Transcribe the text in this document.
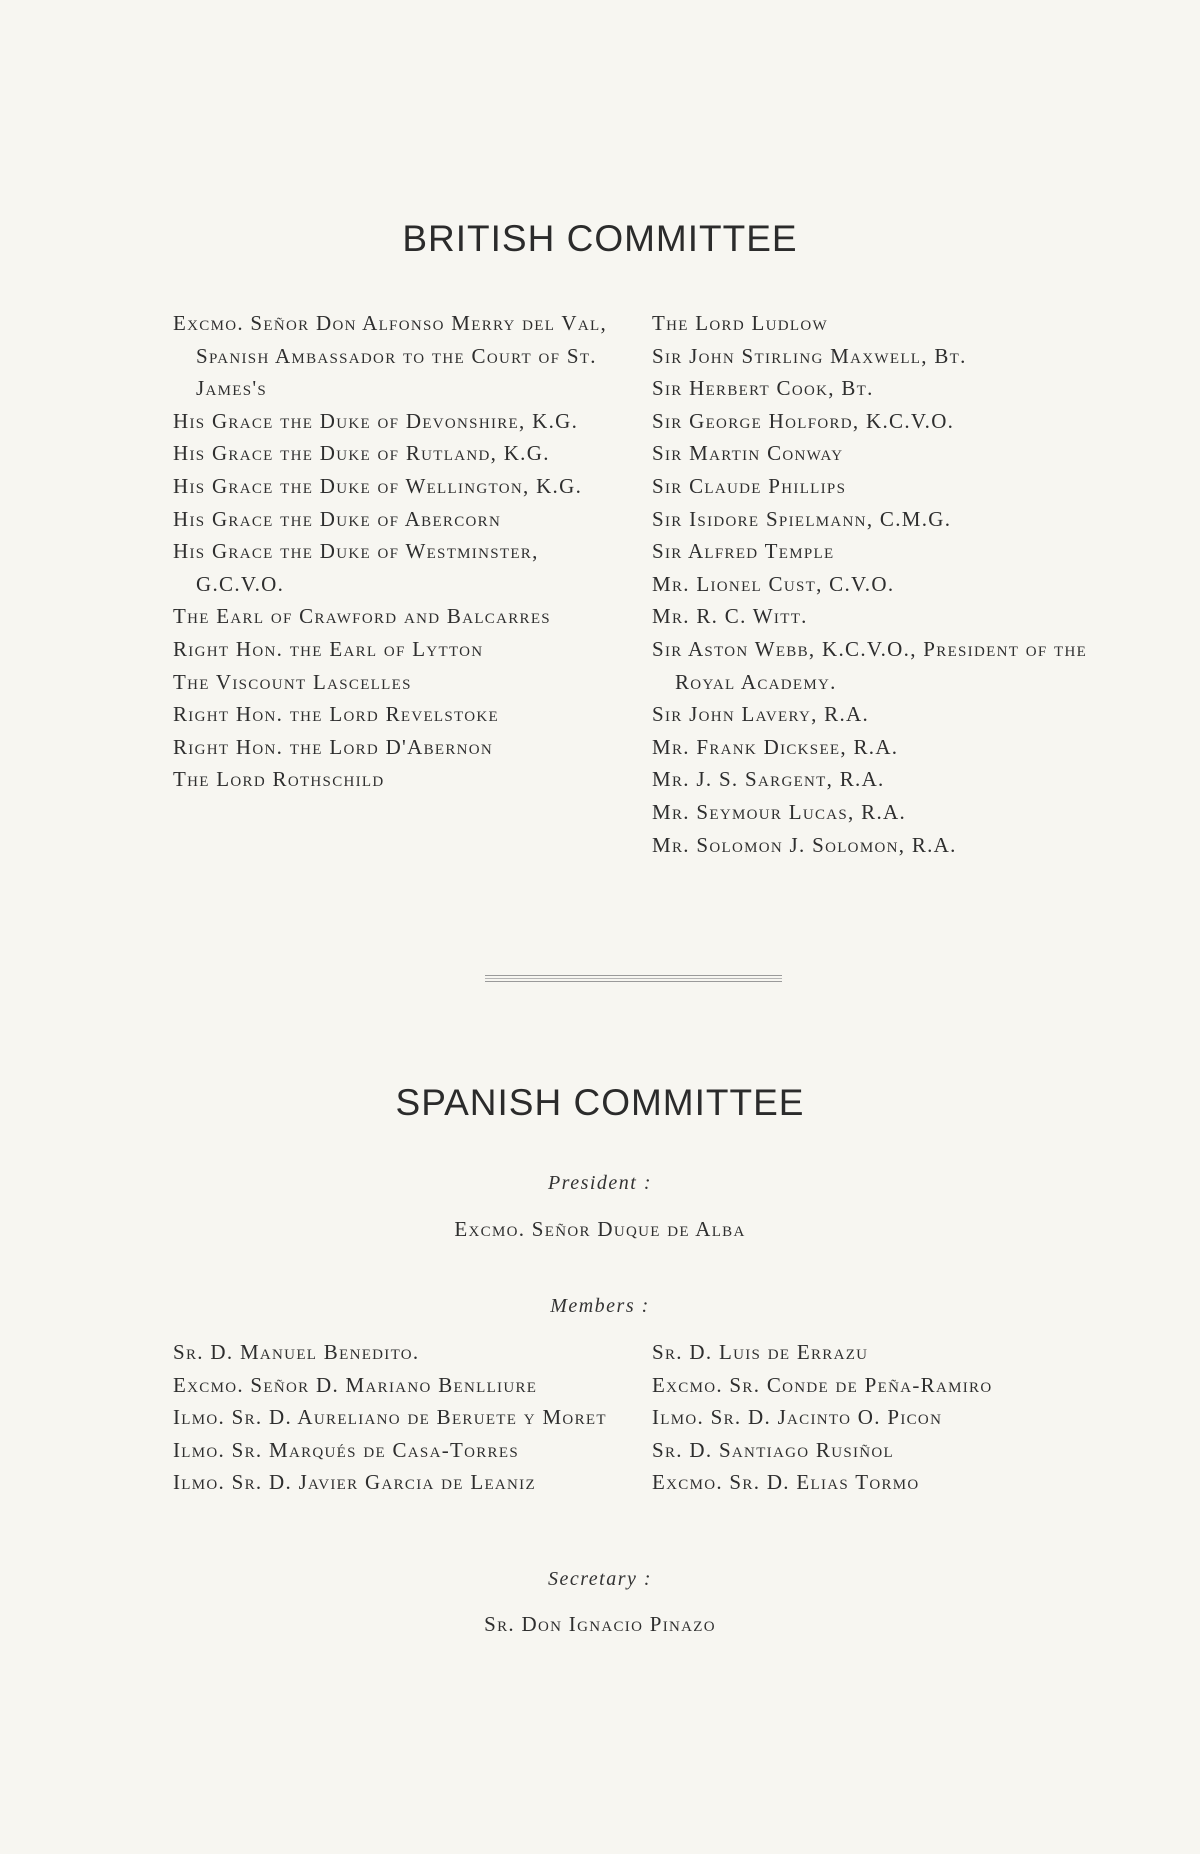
BRITISH COMMITTEE
Excmo. Señor Don Alfonso Merry del Val, Spanish Ambassador to the Court of St. James's
His Grace the Duke of Devonshire, K.G.
His Grace the Duke of Rutland, K.G.
His Grace the Duke of Wellington, K.G.
His Grace the Duke of Abercorn
His Grace the Duke of Westminster, G.C.V.O.
The Earl of Crawford and Balcarres
Right Hon. the Earl of Lytton
The Viscount Lascelles
Right Hon. the Lord Revelstoke
Right Hon. the Lord D'Abernon
The Lord Rothschild
The Lord Ludlow
Sir John Stirling Maxwell, Bt.
Sir Herbert Cook, Bt.
Sir George Holford, K.C.V.O.
Sir Martin Conway
Sir Claude Phillips
Sir Isidore Spielmann, C.M.G.
Sir Alfred Temple
Mr. Lionel Cust, C.V.O.
Mr. R. C. Witt.
Sir Aston Webb, K.C.V.O., President of the Royal Academy.
Sir John Lavery, R.A.
Mr. Frank Dicksee, R.A.
Mr. J. S. Sargent, R.A.
Mr. Seymour Lucas, R.A.
Mr. Solomon J. Solomon, R.A.
SPANISH COMMITTEE

President :

Excmo. Señor Duque de Alba

Members :

Sr. D. Manuel Benedito.
Excmo. Señor D. Mariano Benlliure
Ilmo. Sr. D. Aureliano de Beruete y Moret
Ilmo. Sr. Marqués de Casa-Torres
Ilmo. Sr. D. Javier Garcia de Leaniz
Sr. D. Luis de Errazu
Excmo. Sr. Conde de Peña-Ramiro
Ilmo. Sr. D. Jacinto O. Picon
Sr. D. Santiago Rusiñol
Excmo. Sr. D. Elias Tormo

Secretary :

Sr. Don Ignacio Pinazo
